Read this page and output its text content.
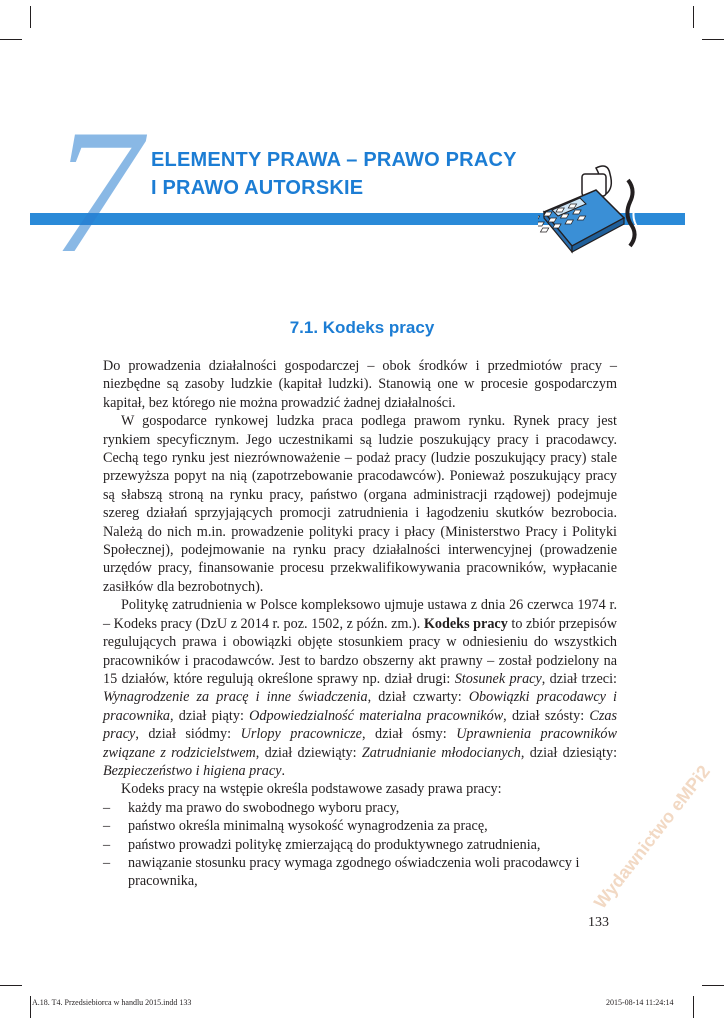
7 ELEMENTY PRAWA – PRAWO PRACY
I PRAWO AUTORSKIE
7.1. Kodeks pracy

Do prowadzenia działalności gospodarczej – obok środków i przedmiotów pracy – niezbędne są zasoby ludzkie (kapitał ludzki). Stanowią one w procesie gospodarczym kapitał, bez którego nie można prowadzić żadnej działalności.

W gospodarce rynkowej ludzka praca podlega prawom rynku. Rynek pracy jest rynkiem specyficznym. Jego uczestnikami są ludzie poszukujący pracy i pracodawcy. Cechą tego rynku jest niezrównoważenie – podaż pracy (ludzie poszukujący pracy) stale przewyższa popyt na nią (zapotrzebowanie pracodawców). Ponieważ poszukujący pracy są słabszą stroną na rynku pracy, państwo (organa administracji rządowej) podejmuje szereg działań sprzyjających promocji zatrudnienia i łagodzeniu skutków bezrobocia. Należą do nich m.in. prowadzenie polityki pracy i płacy (Ministerstwo Pracy i Polityki Społecznej), podejmowanie na rynku pracy działalności interwencyjnej (prowadzenie urzędów pracy, finansowanie procesu przekwalifikowywania pracowników, wypłacanie zasiłków dla bezrobotnych).

Politykę zatrudnienia w Polsce kompleksowo ujmuje ustawa z dnia 26 czerwca 1974 r. – Kodeks pracy (DzU z 2014 r. poz. 1502, z późn. zm.). Kodeks pracy to zbiór przepisów regulujących prawa i obowiązki objęte stosunkiem pracy w odniesieniu do wszystkich pracowników i pracodawców. Jest to bardzo obszerny akt prawny – został podzielony na 15 działów, które regulują określone sprawy np. dział drugi: Stosunek pracy, dział trzeci: Wynagrodzenie za pracę i inne świadczenia, dział czwarty: Obowiązki pracodawcy i pracownika, dział piąty: Odpowiedzialność materialna pracowników, dział szósty: Czas pracy, dział siódmy: Urlopy pracownicze, dział ósmy: Uprawnienia pracowników związane z rodzicielstwem, dział dziewiąty: Zatrudnianie młodocianych, dział dziesiąty: Bezpieczeństwo i higiena pracy.

Kodeks pracy na wstępie określa podstawowe zasady prawa pracy:

– każdy ma prawo do swobodnego wyboru pracy,
– państwo określa minimalną wysokość wynagrodzenia za pracę,
– państwo prowadzi politykę zmierzającą do produktywnego zatrudnienia,
– nawiązanie stosunku pracy wymaga zgodnego oświadczenia woli pracodawcy i pracownika,
133
Wydawnictwo eMPi2
A.18. T4. Przedsiebiorca w handlu 2015.indd 133	2015-08-14 11:24:14
